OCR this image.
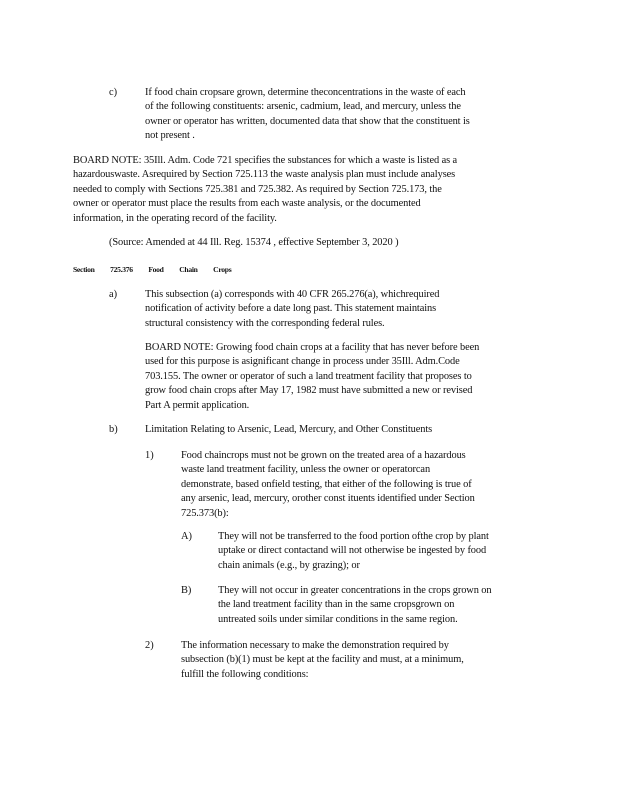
c)	If food chain cropsare grown, determine theconcentrations in the waste of each
of the following constituents: arsenic, cadmium, lead, and mercury, unless the
owner or operator has written, documented data that show that the constituent is
not present .
BOARD NOTE: 35Ill. Adm. Code 721 specifies the substances for which a waste is listed as a
hazardouswaste. Asrequired by Section 725.113 the waste analysis plan must include analyses
needed to comply with Sections 725.381 and 725.382. As required by Section 725.173, the
owner or operator must place the results from each waste analysis, or the documented
information, in the operating record of the facility.
(Source: Amended at 44 Ill. Reg. 15374 , effective September 3, 2020 )
Section 725.376 Food Chain Crops
a)	This subsection (a) corresponds with 40 CFR 265.276(a), whichrequired
notification of activity before a date long past. This statement maintains
structural consistency with the corresponding federal rules.
BOARD NOTE: Growing food chain crops at a facility that has never before been
used for this purpose is asignificant change in process under 35Ill. Adm.Code
703.155. The owner or operator of such a land treatment facility that proposes to
grow food chain crops after May 17, 1982 must have submitted a new or revised
Part A permit application.
b)	Limitation Relating to Arsenic, Lead, Mercury, and Other Constituents
1)	Food chaincrops must not be grown on the treated area of a hazardous
waste land treatment facility, unless the owner or operatorcan
demonstrate, based onfield testing, that either of the following is true of
any arsenic, lead, mercury, orother const ituents identified under Section
725.373(b):
A)	They will not be transferred to the food portion ofthe crop by plant
uptake or direct contactand will not otherwise be ingested by food
chain animals (e.g., by grazing); or
B)	They will not occur in greater concentrations in the crops grown on
the land treatment facility than in the same cropsgrown on
untreated soils under similar conditions in the same region.
2)	The information necessary to make the demonstration required by
subsection (b)(1) must be kept at the facility and must, at a minimum,
fulfill the following conditions:
